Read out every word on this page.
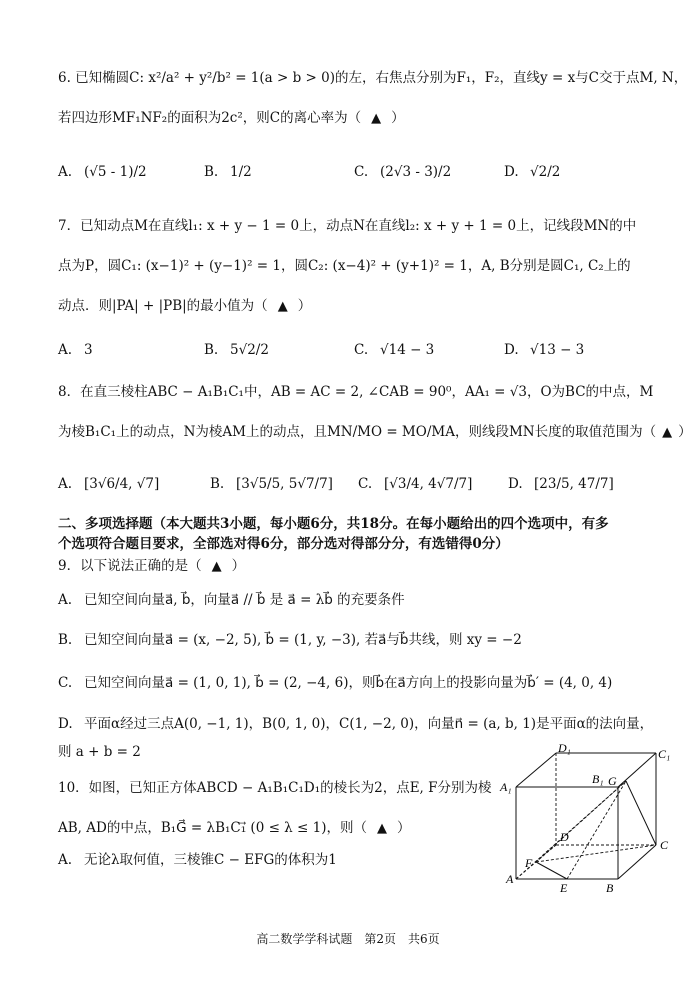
6. 已知椭圆C: x²/a² + y²/b² = 1(a > b > 0)的左，右焦点分别为F₁，F₂，直线y = x与C交于点M, N，
若四边形MF₁NF₂的面积为2c²，则C的离心率为（ ▲ ）
A. (√5 - 1)/2	B. 1/2	C. (2√3 - 3)/2	D. √2/2
7．已知动点M在直线l₁: x + y − 1 = 0上，动点N在直线l₂: x + y + 1 = 0上，记线段MN的中
点为P，圆C₁: (x−1)² + (y−1)² = 1，圆C₂: (x−4)² + (y+1)² = 1，A, B分别是圆C₁, C₂上的
动点．则|PA| + |PB|的最小值为（ ▲ ）
A. 3	B. 5√2/2	C. √14 − 3	D. √13 − 3
8．在直三棱柱ABC − A₁B₁C₁中，AB = AC = 2, ∠CAB = 90⁰，AA₁ = √3，O为BC的中点，M
为棱B₁C₁上的动点，N为棱AM上的动点，且MN/MO = MO/MA，则线段MN长度的取值范围为（ ▲ ）
A. [3√6/4, √7]	B. [3√5/5, 5√7/7] C. [√3/4, 4√7/7]	D. [23/5, 47/7]
二、多项选择题（本大题共3小题，每小题6分，共18分。在每小题给出的四个选项中，有多
个选项符合题目要求，全部选对得6分，部分选对得部分分，有选错得0分）
9．以下说法正确的是（ ▲ ）
A. 已知空间向量a⃗, b⃗，向量a⃗ // b⃗ 是 a⃗ = λb⃗ 的充要条件
B. 已知空间向量a⃗ = (x, −2, 5), b⃗ = (1, y, −3), 若a⃗与b⃗共线，则 xy = −2
C. 已知空间向量a⃗ = (1, 0, 1), b⃗ = (2, −4, 6)，则b⃗在a⃗方向上的投影向量为b⃗′ = (4, 0, 4)
D. 平面α经过三点A(0, −1, 1)，B(0, 1, 0)，C(1, −2, 0)，向量n⃗ = (a, b, 1)是平面α的法向量，
则 a + b = 2
10．如图，已知正方体ABCD − A₁B₁C₁D₁的棱长为2，点E, F分别为棱
AB, AD的中点，B₁G⃗ = λB₁C₁⃗ (0 ≤ λ ≤ 1)，则（ ▲ ）
A. 无论λ取何值，三棱锥C − EFG的体积为1
D₁	C₁
A₁
B₁ G
D
C
A
F
E	B
高二数学学科试题 第2页 共6页
